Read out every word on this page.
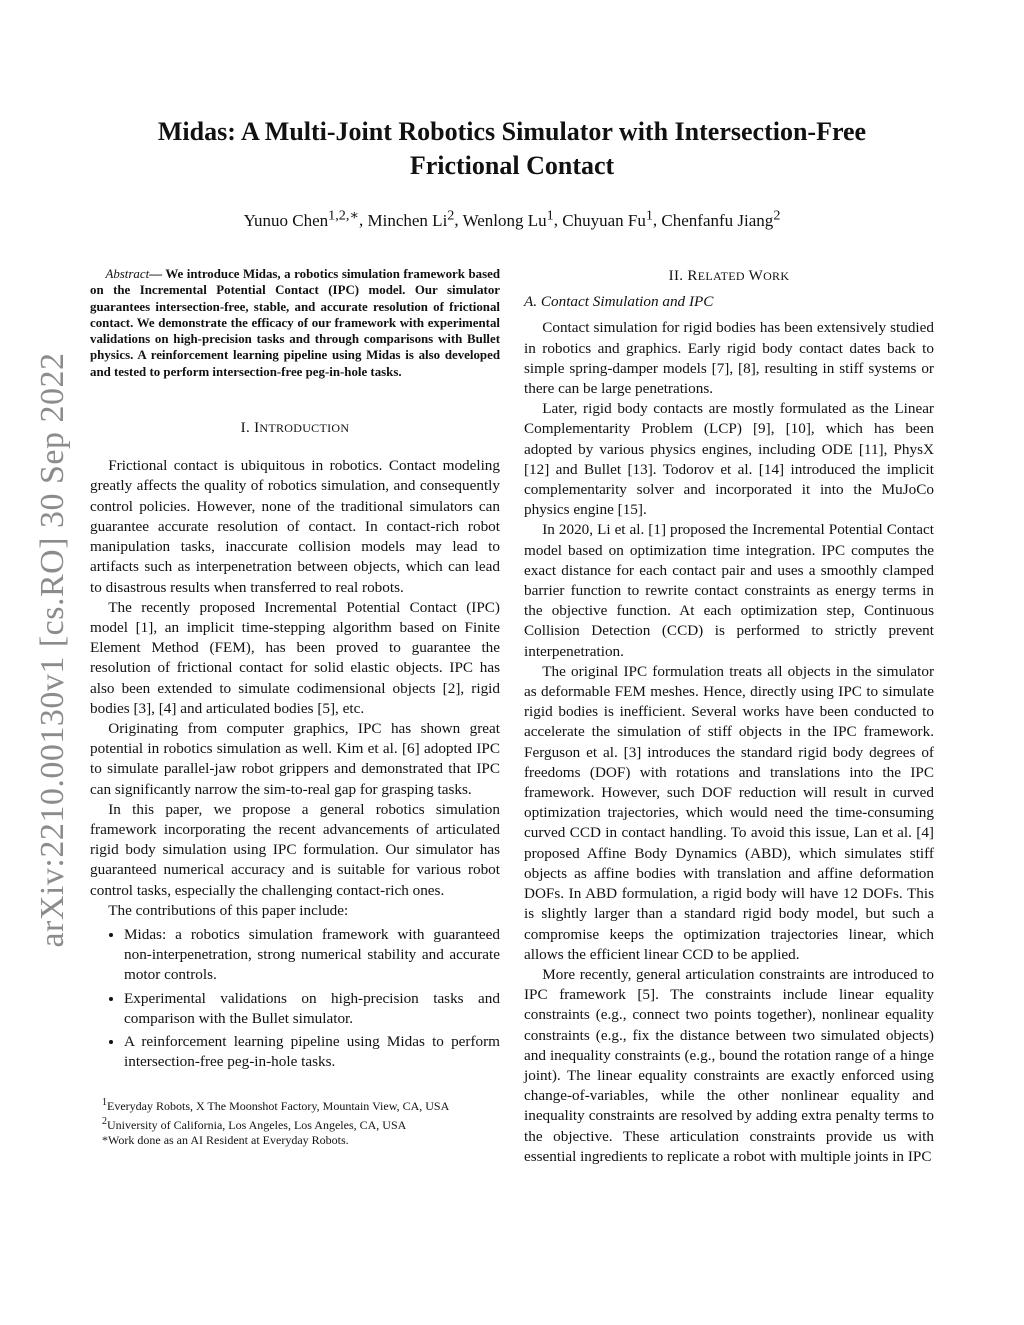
arXiv:2210.00130v1 [cs.RO] 30 Sep 2022
Midas: A Multi-Joint Robotics Simulator with Intersection-Free
Frictional Contact
Yunuo Chen$^{1,2,∗}$, Minchen Li$^2$, Wenlong Lu$^1$, Chuyuan Fu$^1$, Chenfanfu Jiang$^2$

Abstract— We introduce Midas, a robotics simulation framework based on the Incremental Potential Contact (IPC) model. Our simulator guarantees intersection-free, stable, and accurate resolution of frictional contact. We demonstrate the efficacy of our framework with experimental validations on high-precision tasks and through comparisons with Bullet physics. A reinforcement learning pipeline using Midas is also developed and tested to perform intersection-free peg-in-hole tasks.

I. INTRODUCTION

Frictional contact is ubiquitous in robotics. Contact modeling greatly affects the quality of robotics simulation, and consequently control policies. However, none of the traditional simulators can guarantee accurate resolution of contact. In contact-rich robot manipulation tasks, inaccurate collision models may lead to artifacts such as interpenetration between objects, which can lead to disastrous results when transferred to real robots.

The recently proposed Incremental Potential Contact (IPC) model [1], an implicit time-stepping algorithm based on Finite Element Method (FEM), has been proved to guarantee the resolution of frictional contact for solid elastic objects. IPC has also been extended to simulate codimensional objects [2], rigid bodies [3], [4] and articulated bodies [5], etc.

Originating from computer graphics, IPC has shown great potential in robotics simulation as well. Kim et al. [6] adopted IPC to simulate parallel-jaw robot grippers and demonstrated that IPC can significantly narrow the sim-to-real gap for grasping tasks.

In this paper, we propose a general robotics simulation framework incorporating the recent advancements of articulated rigid body simulation using IPC formulation. Our simulator has guaranteed numerical accuracy and is suitable for various robot control tasks, especially the challenging contact-rich ones.

The contributions of this paper include:

• Midas: a robotics simulation framework with guaranteed non-interpenetration, strong numerical stability and accurate motor controls.
• Experimental validations on high-precision tasks and comparison with the Bullet simulator.
• A reinforcement learning pipeline using Midas to perform intersection-free peg-in-hole tasks.
$^1$Everyday Robots, X The Moonshot Factory, Mountain View, CA, USA
$^2$University of California, Los Angeles, Los Angeles, CA, USA
*Work done as an AI Resident at Everyday Robots.

II. RELATED WORK

A. Contact Simulation and IPC

Contact simulation for rigid bodies has been extensively studied in robotics and graphics. Early rigid body contact dates back to simple spring-damper models [7], [8], resulting in stiff systems or there can be large penetrations.

Later, rigid body contacts are mostly formulated as the Linear Complementarity Problem (LCP) [9], [10], which has been adopted by various physics engines, including ODE [11], PhysX [12] and Bullet [13]. Todorov et al. [14] introduced the implicit complementarity solver and incorporated it into the MuJoCo physics engine [15].

In 2020, Li et al. [1] proposed the Incremental Potential Contact model based on optimization time integration. IPC computes the exact distance for each contact pair and uses a smoothly clamped barrier function to rewrite contact constraints as energy terms in the objective function. At each optimization step, Continuous Collision Detection (CCD) is performed to strictly prevent interpenetration.

The original IPC formulation treats all objects in the simulator as deformable FEM meshes. Hence, directly using IPC to simulate rigid bodies is inefficient. Several works have been conducted to accelerate the simulation of stiff objects in the IPC framework. Ferguson et al. [3] introduces the standard rigid body degrees of freedoms (DOF) with rotations and translations into the IPC framework. However, such DOF reduction will result in curved optimization trajectories, which would need the time-consuming curved CCD in contact handling. To avoid this issue, Lan et al. [4] proposed Affine Body Dynamics (ABD), which simulates stiff objects as affine bodies with translation and affine deformation DOFs. In ABD formulation, a rigid body will have 12 DOFs. This is slightly larger than a standard rigid body model, but such a compromise keeps the optimization trajectories linear, which allows the efficient linear CCD to be applied.

More recently, general articulation constraints are introduced to IPC framework [5]. The constraints include linear equality constraints (e.g., connect two points together), nonlinear equality constraints (e.g., fix the distance between two simulated objects) and inequality constraints (e.g., bound the rotation range of a hinge joint). The linear equality constraints are exactly enforced using change-of-variables, while the other nonlinear equality and inequality constraints are resolved by adding extra penalty terms to the objective. These articulation constraints provide us with essential ingredients to replicate a robot with multiple joints in IPC
